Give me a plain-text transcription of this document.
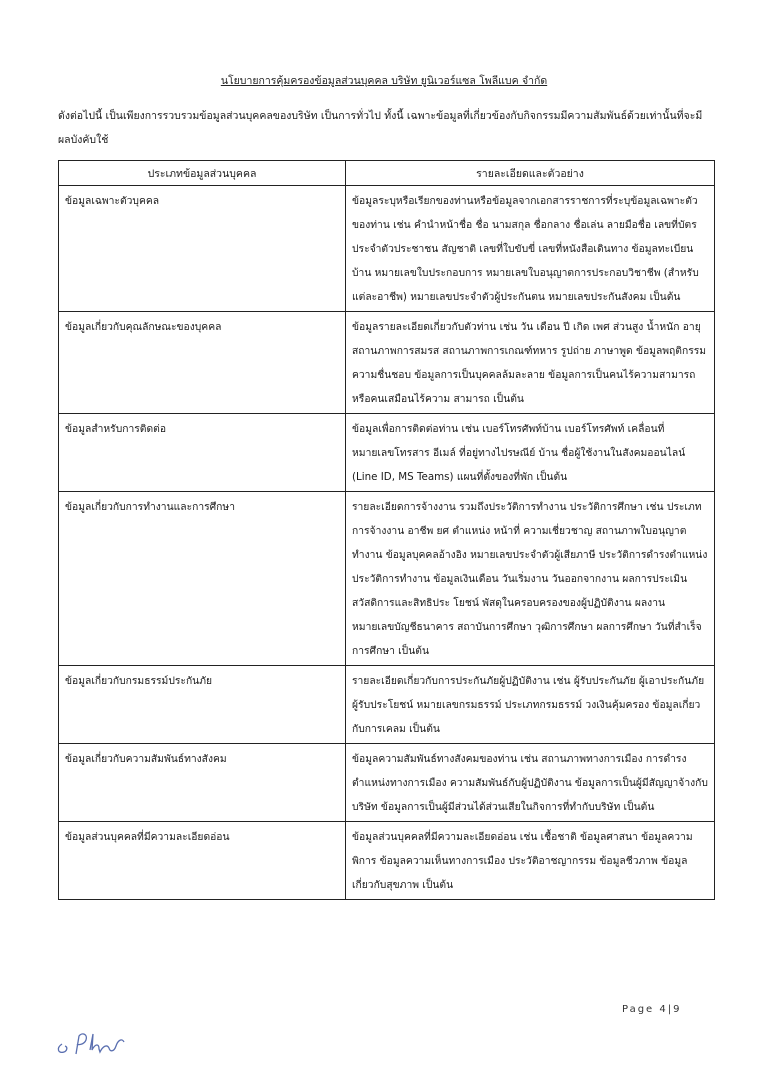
นโยบายการคุ้มครองข้อมูลส่วนบุคคล บริษัท ยูนิเวอร์แซล โพลีแบค จำกัด
ดังต่อไปนี้ เป็นเพียงการรวบรวมข้อมูลส่วนบุคคลของบริษัท เป็นการทั่วไป ทั้งนี้ เฉพาะข้อมูลที่เกี่ยวข้องกับกิจกรรมมีความสัมพันธ์ด้วยเท่านั้นที่จะมีผลบังคับใช้
ประเภทข้อมูลส่วนบุคคล	รายละเอียดและตัวอย่าง
ข้อมูลเฉพาะตัวบุคคล	ข้อมูลระบุหรือเรียกของท่านหรือข้อมูลจากเอกสารราชการที่ระบุข้อมูลเฉพาะตัวของท่าน เช่น คำนำหน้าชื่อ ชื่อ นามสกุล ชื่อกลาง ชื่อเล่น ลายมือชื่อ เลขที่บัตรประจำตัวประชาชน สัญชาติ เลขที่ใบขับขี่ เลขที่หนังสือเดินทาง ข้อมูลทะเบียนบ้าน หมายเลขใบประกอบการ หมายเลขใบอนุญาตการประกอบวิชาชีพ (สำหรับแต่ละอาชีพ) หมายเลขประจำตัวผู้ประกันตน หมายเลขประกันสังคม เป็นต้น
ข้อมูลเกี่ยวกับคุณลักษณะของบุคคล	ข้อมูลรายละเอียดเกี่ยวกับตัวท่าน เช่น วัน เดือน ปี เกิด เพศ ส่วนสูง น้ำหนัก อายุ สถานภาพการสมรส สถานภาพการเกณฑ์ทหาร รูปถ่าย ภาษาพูด ข้อมูลพฤติกรรม ความชื่นชอบ ข้อมูลการเป็นบุคคลล้มละลาย ข้อมูลการเป็นคนไร้ความสามารถหรือคนเสมือนไร้ความ สามารถ เป็นต้น
ข้อมูลสำหรับการติดต่อ	ข้อมูลเพื่อการติดต่อท่าน เช่น เบอร์โทรศัพท์บ้าน เบอร์โทรศัพท์ เคลื่อนที่ หมายเลขโทรสาร อีเมล์ ที่อยู่ทางไปรษณีย์ บ้าน ชื่อผู้ใช้งานในสังคมออนไลน์ (Line ID, MS Teams) แผนที่ตั้งของที่พัก เป็นต้น
ข้อมูลเกี่ยวกับการทำงานและการศึกษา	รายละเอียดการจ้างงาน รวมถึงประวัติการทำงาน ประวัติการศึกษา เช่น ประเภทการจ้างงาน อาชีพ ยศ ตำแหน่ง หน้าที่ ความเชี่ยวชาญ สถานภาพใบอนุญาตทำงาน ข้อมูลบุคคลอ้างอิง หมายเลขประจำตัวผู้เสียภาษี ประวัติการดำรงตำแหน่ง ประวัติการทำงาน ข้อมูลเงินเดือน วันเริ่มงาน วันออกจากงาน ผลการประเมิน สวัสดิการและสิทธิประ โยชน์ พัสดุในครอบครองของผู้ปฏิบัติงาน ผลงาน หมายเลขบัญชีธนาคาร สถาบันการศึกษา วุฒิการศึกษา ผลการศึกษา วันที่สำเร็จการศึกษา เป็นต้น
ข้อมูลเกี่ยวกับกรมธรรม์ประกันภัย	รายละเอียดเกี่ยวกับการประกันภัยผู้ปฏิบัติงาน เช่น ผู้รับประกันภัย ผู้เอาประกันภัย ผู้รับประโยชน์ หมายเลขกรมธรรม์ ประเภทกรมธรรม์ วงเงินคุ้มครอง ข้อมูลเกี่ยวกับการเคลม เป็นต้น
ข้อมูลเกี่ยวกับความสัมพันธ์ทางสังคม	ข้อมูลความสัมพันธ์ทางสังคมของท่าน เช่น สถานภาพทางการเมือง การดำรงตำแหน่งทางการเมือง ความสัมพันธ์กับผู้ปฏิบัติงาน ข้อมูลการเป็นผู้มีสัญญาจ้างกับบริษัท ข้อมูลการเป็นผู้มีส่วนได้ส่วนเสียในกิจการที่ทำกับบริษัท เป็นต้น
ข้อมูลส่วนบุคคลที่มีความละเอียดอ่อน	ข้อมูลส่วนบุคคลที่มีความละเอียดอ่อน เช่น เชื้อชาติ ข้อมูลศาสนา ข้อมูลความพิการ ข้อมูลความเห็นทางการเมือง ประวัติอาชญากรรม ข้อมูลชีวภาพ ข้อมูลเกี่ยวกับสุขภาพ เป็นต้น
Page 4|9
